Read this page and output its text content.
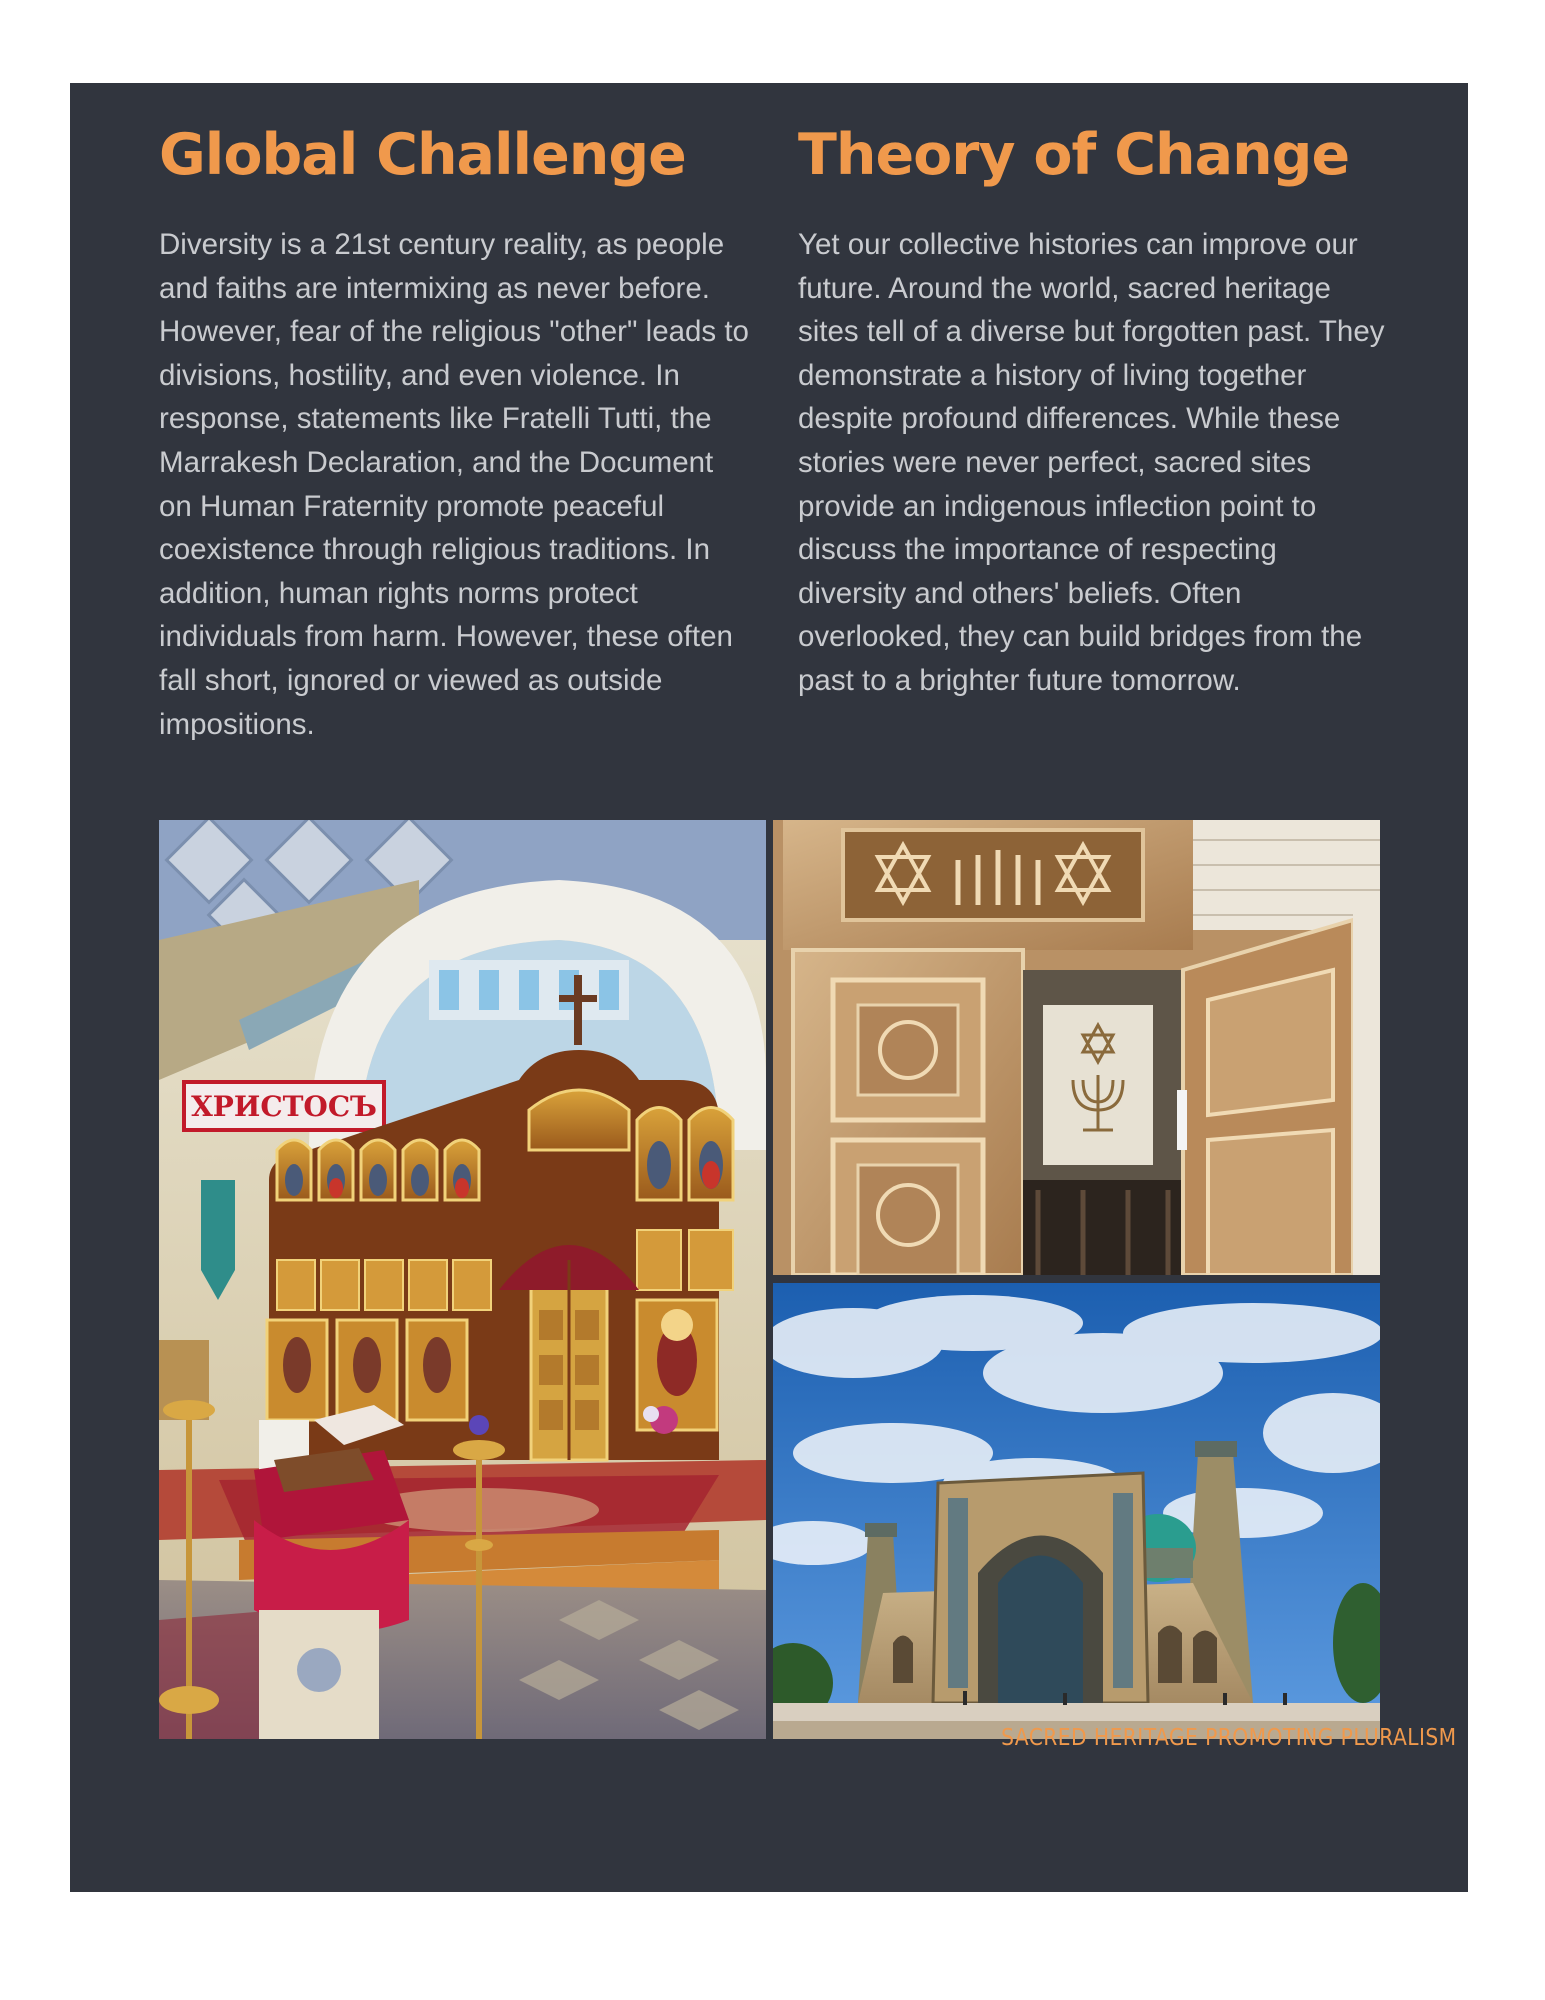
Global Challenge

Diversity is a 21st century reality, as people and faiths are intermixing as never before. However, fear of the religious "other" leads to divisions, hostility, and even violence. In response, statements like Fratelli Tutti, the Marrakesh Declaration, and the Document on Human Fraternity promote peaceful coexistence through religious traditions. In addition, human rights norms protect individuals from harm. However, these often fall short, ignored or viewed as outside impositions.

Theory of Change

Yet our collective histories can improve our future. Around the world, sacred heritage sites tell of a diverse but forgotten past. They demonstrate a history of living together despite profound differences. While these stories were never perfect, sacred sites provide an indigenous inflection point to discuss the importance of respecting diversity and others' beliefs. Often overlooked, they can build bridges from the past to a brighter future tomorrow.

ХРИСТОСЪ
SACRED HERITAGE PROMOTING PLURALISM
